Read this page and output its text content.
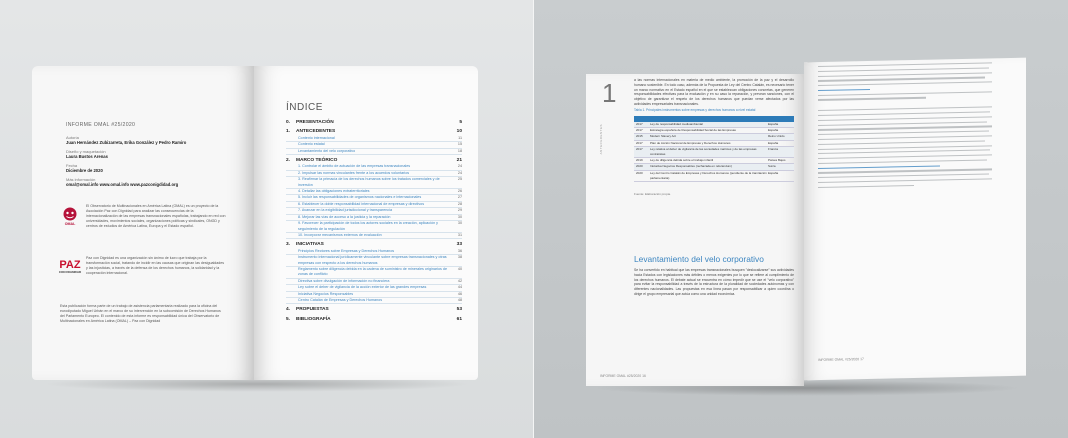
INFORME OMAL #25/2020
Autoría
Juan Hernández Zubizarreta, Erika González y Pedro Ramiro
Diseño y maquetación
Laura Bustos Arenas
Fecha
Diciembre de 2020
Más información
omal@omal.info www.omal.info www.pazconigdidad.org
OMAL
El Observatorio de Multinacionales en América Latina (OMAL) es un proyecto de la Asociación Paz con Dignidad para analizar las consecuencias de la internacionalización de las empresas transnacionales españolas, trabajando en red con universidades, movimientos sociales, organizaciones políticas y sindicales, ONGD y centros de estudios de América Latina, Europa y el Estado español.
PAZ
CON DIGNIDAD
Paz con Dignidad es una organización sin ánimo de lucro que trabaja por la transformación social, tratando de incidir en las causas que originan las desigualdades y las injusticias, a través de la defensa de los derechos humanos, la solidaridad y la cooperación internacional.
Esta publicación forma parte de un trabajo de asistencia parlamentaria realizado para la oficina del eurodiputado Miguel Urbán en el marco de su intervención en la subcomisión de Derechos Humanos del Parlamento Europeo. El contenido de esta informe es responsabilidad única del Observatorio de Multinacionales en América Latina (OMAL) – Paz con Dignidad
ÍNDICE
0.	PRESENTACIÓN	5
1.	ANTECEDENTES	10
Contexto internacional	11
Contexto estatal	15
Levantamiento del velo corporativo	18
2.	MARCO TEÓRICO	21
1. Controlar el ámbito de actuación de las empresas transnacionales	24
2. Impulsar las normas vinculantes frente a los acuerdos voluntarios	24
3. Reafirmar la primacía de los derechos humanos sobre los tratados comerciales y de inversión
25
4. Detallar las obligaciones extraterritoriales	26
5. Incluir las responsabilidades de organismos nacionales e internacionales	27
6. Establecer la doble responsabilidad internacional de empresas y directivos	28
7. Avanzar en la exigibilidad jurisdiccional y transparencia	29
8. Mejorar las vías de acceso a la justicia y la reparación	30
9. Favorecer la participación de todos los actores sociales en la creación, aplicación y seguimiento de la regulación
30
10. Incorporar mecanismos externos de evaluación	31
3.	INICIATIVAS	33
Principios Rectores sobre Empresas y Derechos Humanos	36
Instrumento internacional jurídicamente vinculante sobre empresas transnacionales y otras empresas con respecto a los derechos humanos
38
Reglamento sobre diligencia debida en la cadena de suministro de minerales originarios de zonas de conflicto
40
Directiva sobre divulgación de información no financiera	42
Ley sobre el deber de vigilancia de la acción exterior de las grandes empresas	44
Iniciativa Negocios Responsables	46
Centro Catalán de Empresas y Derechos Humanos	48
4.	PROPUESTAS	53
5.	BIBLIOGRAFÍA	61
1
ANTECEDENTES
a las normas internacionales en materia de medio ambiente, la promoción de la paz y el desarrollo humano sostenible. En todo caso, además de la Propuesta de Ley del Centro Catalán, es necesario tener un marco normativo en el Estado español en el que se establezcan obligaciones concretas, que generen responsabilidades efectivas para la evaluación y en su caso la reparación, y prevean sanciones, con el objetivo de garantizar el respeto de los derechos humanos que puedan verse afectados por las actividades empresariales transnacionales.
Tabla 1. Principales instrumentos sobre empresas y derechos humanos a nivel estatal
2017	Ley de responsabilidad medioambiental	España
2017	Estrategia española de Responsabilidad Social de las Empresas	España
2015	Modern Slavery Act	Reino Unido
2017	Plan de Acción Nacional de Empresas y Derechos Humanos	España
2017	Ley relativa al deber de vigilancia de las sociedades matrices y de las empresas contratistas
Francia
2019	Ley de diligencia debida sobre el trabajo infantil	Países Bajos
2020	Iniciativa Negocios Responsables (rechazada en referéndum)	Suiza
2020	Ley del Centro Catalán de Empresas y Derechos Humanos (pendiente de la tramitación parlamentaria)
España
Fuente: Elaboración propia.
Levantamiento del velo corporativo
Se ha convertido en habitual que las empresas transnacionales busquen "deslocalizarse" sus actividades hacia Estados con legislaciones más débiles o menos exigentes por lo que se refiere al cumplimiento de los derechos humanos. El debate actual se encuentra en cómo impedir que se use el "velo corporativo" para evitar la responsabilidad a través de la estructura de la pluralidad de sociedades autónomas y con diferentes nacionalidades. Las propuestas en esa línea pasan por responsabilizar a quien coordina o dirige el grupo empresarial que actúa como una unidad económica.
INFORME OMAL #25/2020 16
INFORME OMAL #25/2020 17
